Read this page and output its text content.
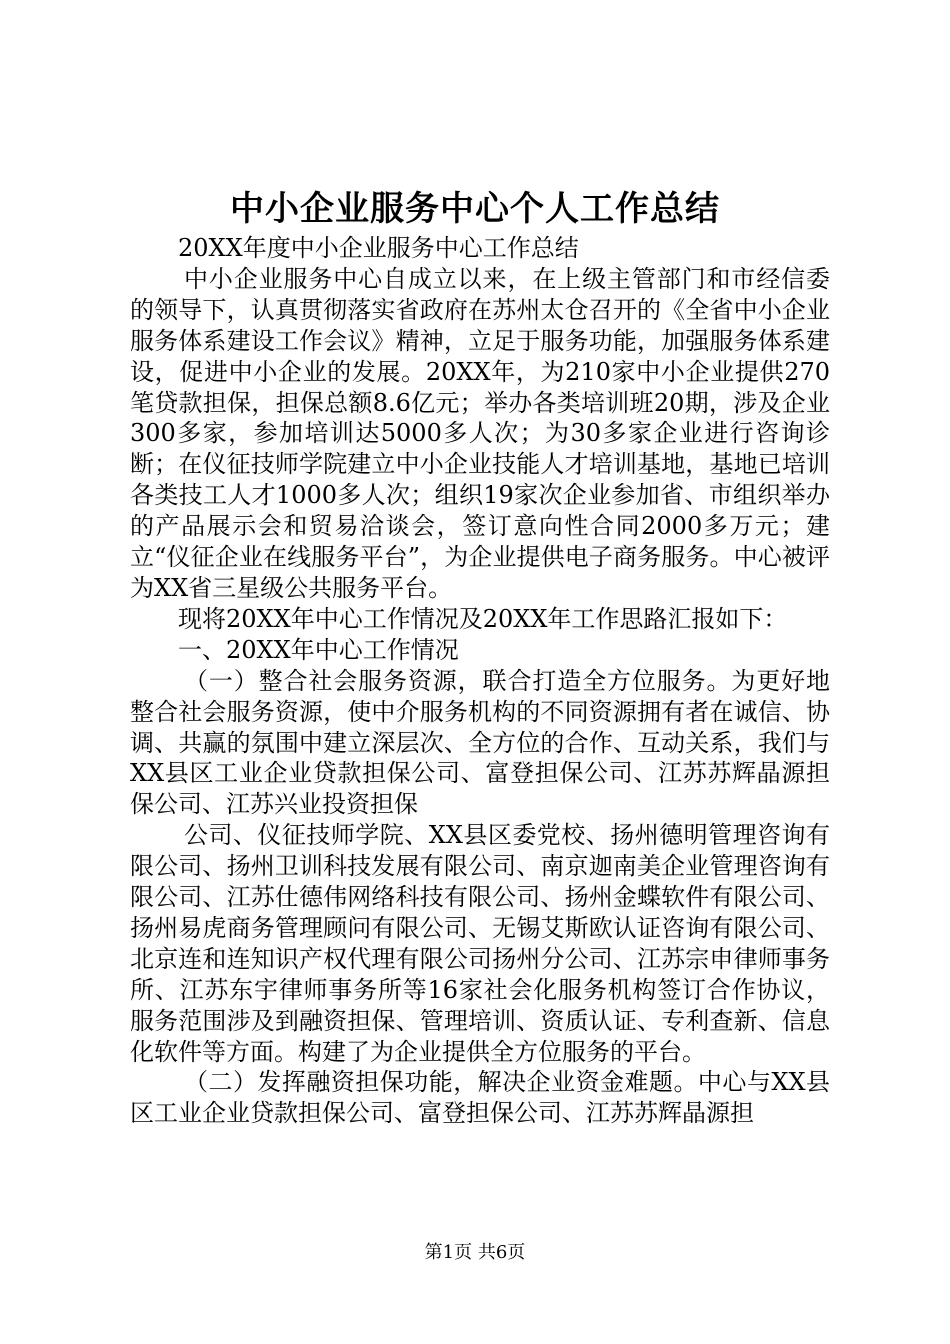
中小企业服务中心个人工作总结

20XX年度中小企业服务中心工作总结

中小企业服务中心自成立以来，在上级主管部门和市经信委的领导下，认真贯彻落实省政府在苏州太仓召开的《全省中小企业服务体系建设工作会议》精神，立足于服务功能，加强服务体系建设，促进中小企业的发展。20XX年，为210家中小企业提供270笔贷款担保，担保总额8.6亿元；举办各类培训班20期，涉及企业300多家，参加培训达5000多人次；为30多家企业进行咨询诊断；在仪征技师学院建立中小企业技能人才培训基地，基地已培训各类技工人才1000多人次；组织19家次企业参加省、市组织举办的产品展示会和贸易洽谈会，签订意向性合同2000多万元；建立“仪征企业在线服务平台”，为企业提供电子商务服务。中心被评为XX省三星级公共服务平台。

现将20XX年中心工作情况及20XX年工作思路汇报如下：

一、20XX年中心工作情况

（一）整合社会服务资源，联合打造全方位服务。为更好地整合社会服务资源，使中介服务机构的不同资源拥有者在诚信、协调、共赢的氛围中建立深层次、全方位的合作、互动关系，我们与XX县区工业企业贷款担保公司、富登担保公司、江苏苏辉晶源担保公司、江苏兴业投资担保

公司、仪征技师学院、XX县区委党校、扬州德明管理咨询有限公司、扬州卫训科技发展有限公司、南京迦南美企业管理咨询有限公司、江苏仕德伟网络科技有限公司、扬州金蝶软件有限公司、扬州易虎商务管理顾问有限公司、无锡艾斯欧认证咨询有限公司、北京连和连知识产权代理有限公司扬州分公司、江苏宗申律师事务所、江苏东宇律师事务所等16家社会化服务机构签订合作协议，服务范围涉及到融资担保、管理培训、资质认证、专利查新、信息化软件等方面。构建了为企业提供全方位服务的平台。

（二）发挥融资担保功能，解决企业资金难题。中心与XX县区工业企业贷款担保公司、富登担保公司、江苏苏辉晶源担

第1页 共6页
